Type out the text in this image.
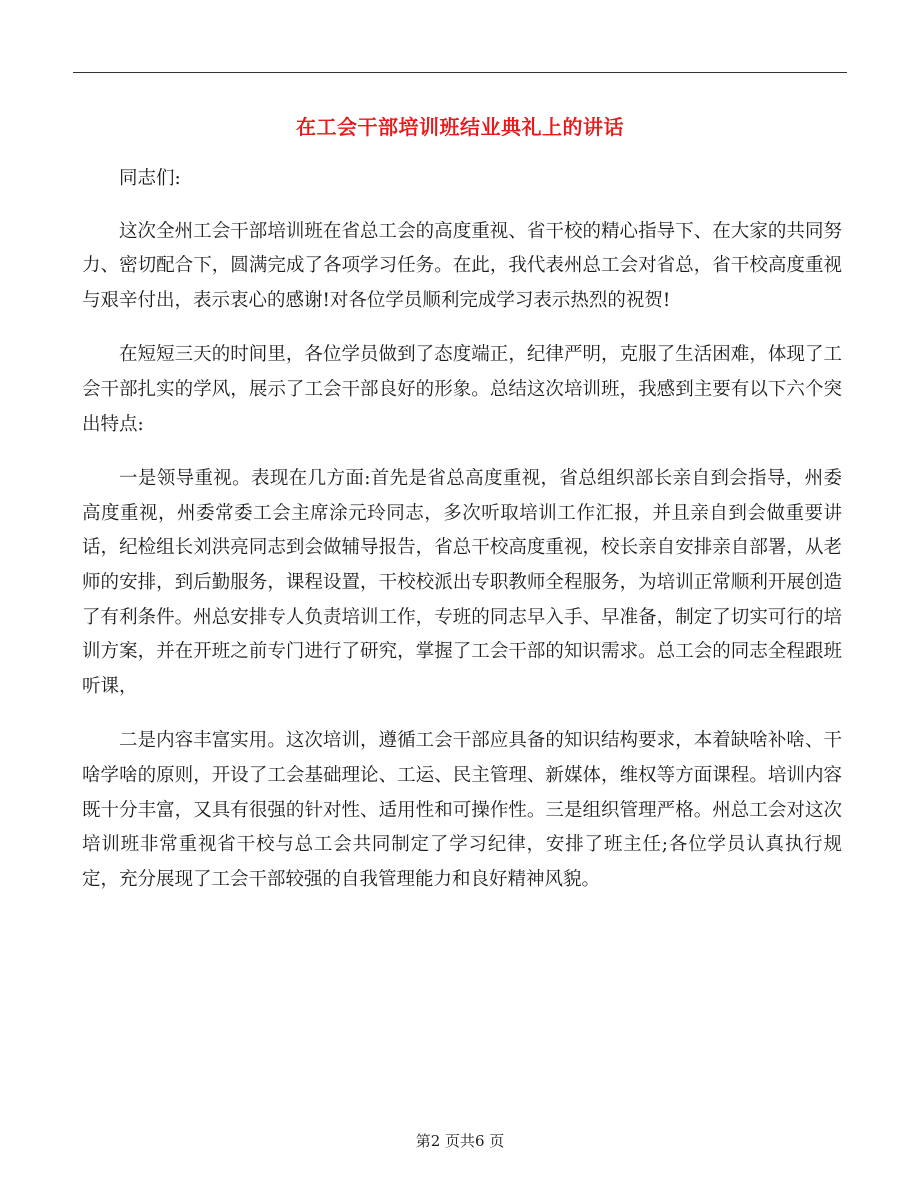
在工会干部培训班结业典礼上的讲话

同志们:

这次全州工会干部培训班在省总工会的高度重视、省干校的精心指导下、在大家的共同努力、密切配合下，圆满完成了各项学习任务。在此，我代表州总工会对省总，省干校高度重视与艰辛付出，表示衷心的感谢!对各位学员顺利完成学习表示热烈的祝贺!

在短短三天的时间里，各位学员做到了态度端正，纪律严明，克服了生活困难，体现了工会干部扎实的学风，展示了工会干部良好的形象。总结这次培训班，我感到主要有以下六个突出特点:

一是领导重视。表现在几方面:首先是省总高度重视，省总组织部长亲自到会指导，州委高度重视，州委常委工会主席涂元玲同志，多次听取培训工作汇报，并且亲自到会做重要讲话，纪检组长刘洪亮同志到会做辅导报告，省总干校高度重视，校长亲自安排亲自部署，从老师的安排，到后勤服务，课程设置，干校校派出专职教师全程服务，为培训正常顺利开展创造了有利条件。州总安排专人负责培训工作，专班的同志早入手、早准备，制定了切实可行的培训方案，并在开班之前专门进行了研究，掌握了工会干部的知识需求。总工会的同志全程跟班听课，

二是内容丰富实用。这次培训，遵循工会干部应具备的知识结构要求，本着缺啥补啥、干啥学啥的原则，开设了工会基础理论、工运、民主管理、新媒体，维权等方面课程。培训内容既十分丰富，又具有很强的针对性、适用性和可操作性。三是组织管理严格。州总工会对这次培训班非常重视省干校与总工会共同制定了学习纪律，安排了班主任;各位学员认真执行规定，充分展现了工会干部较强的自我管理能力和良好精神风貌。

第2 页共6 页
